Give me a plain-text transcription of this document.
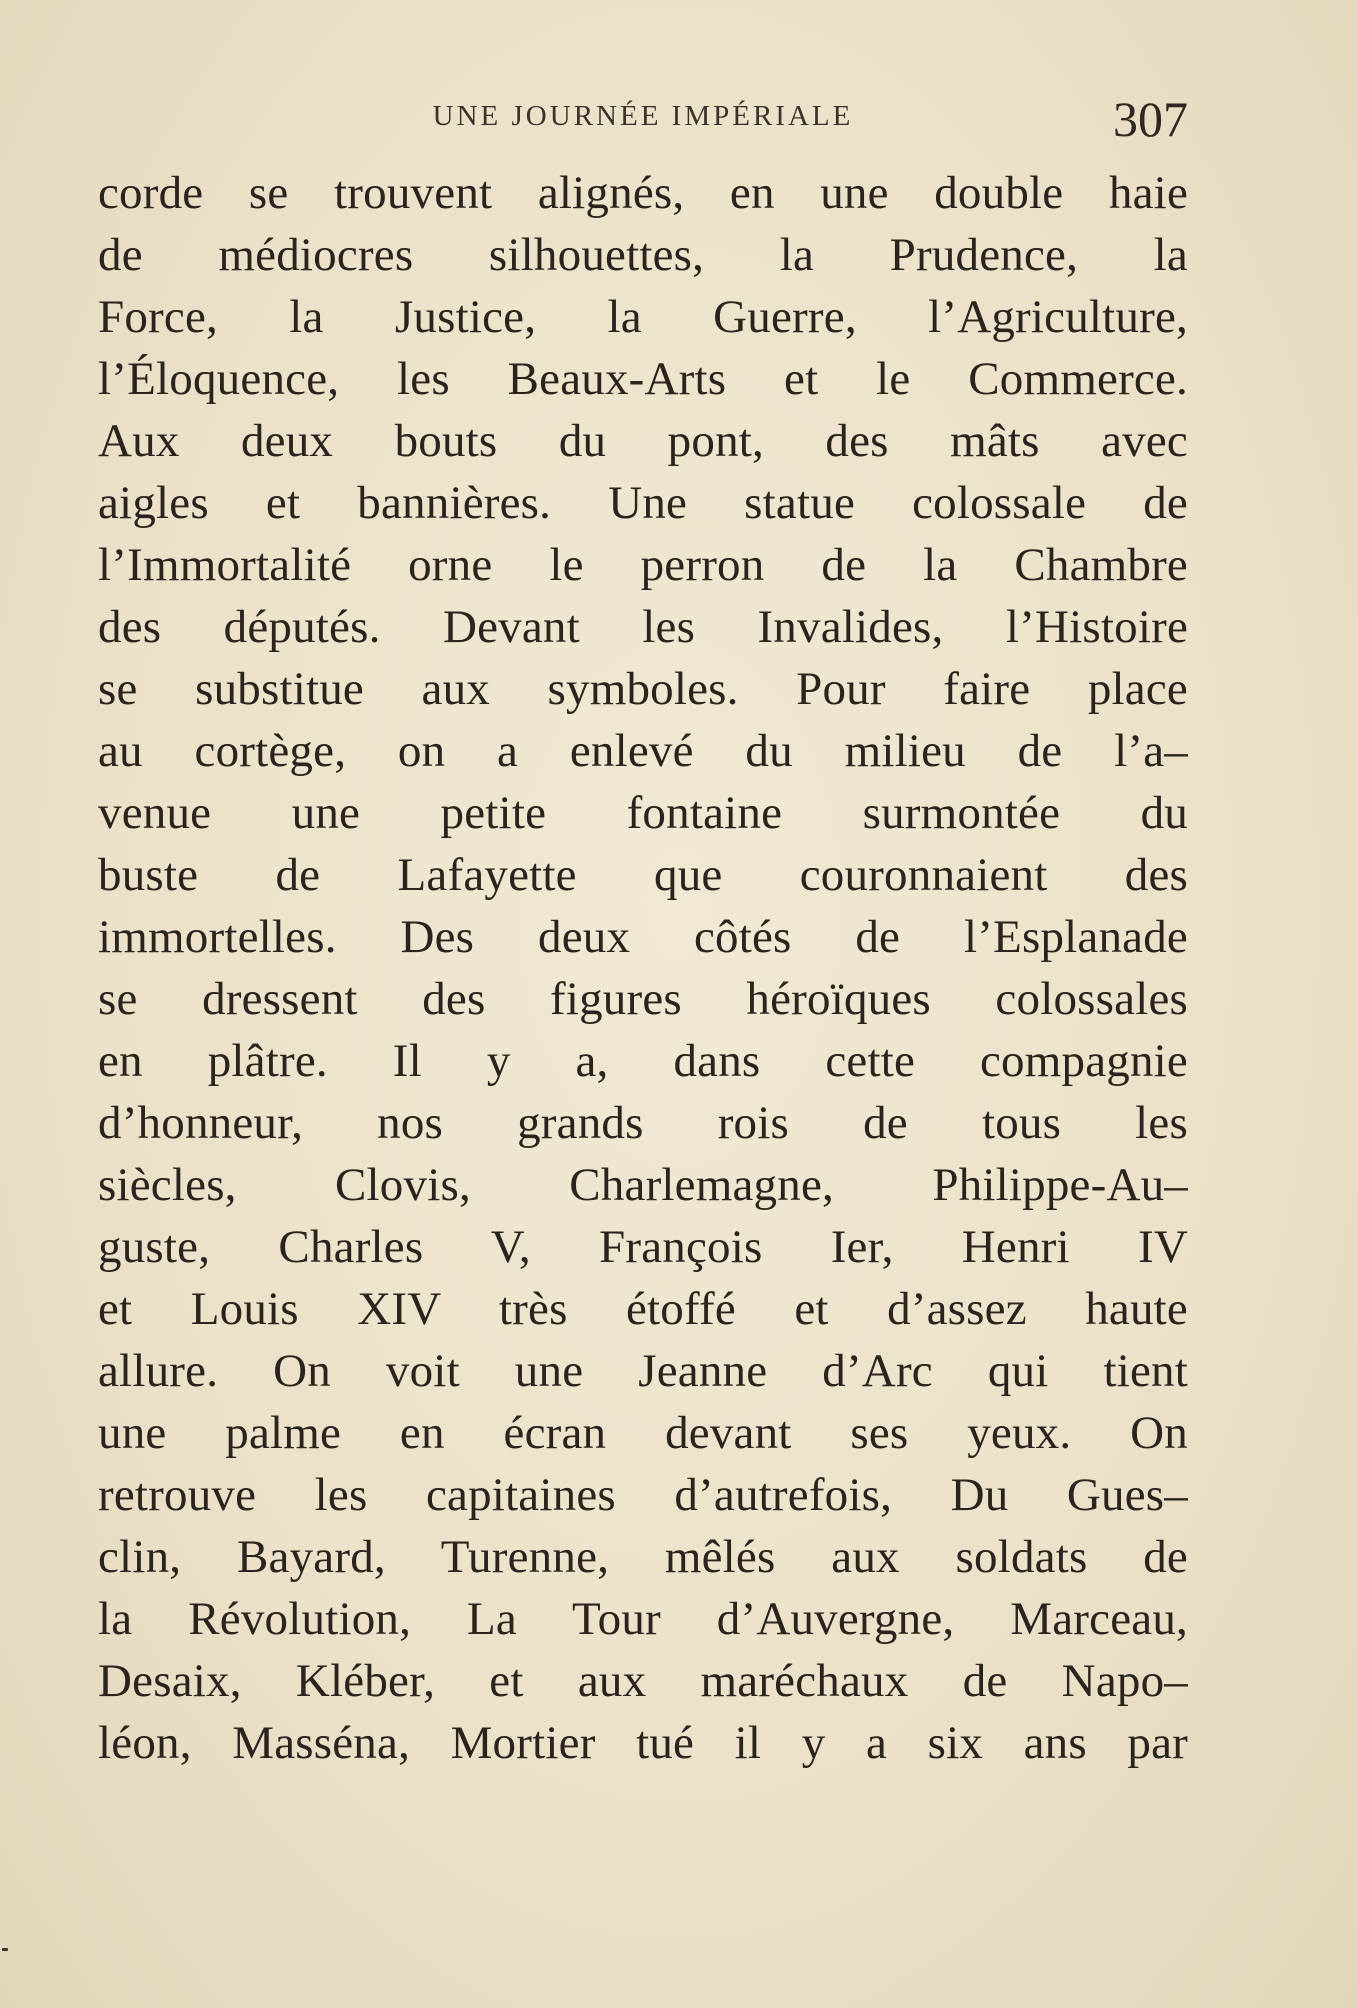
UNE JOURNÉE IMPÉRIALE	307
corde se trouvent alignés, en une double haie
de médiocres silhouettes, la Prudence, la
Force, la Justice, la Guerre, l’Agriculture,
l’Éloquence, les Beaux-Arts et le Commerce.
Aux deux bouts du pont, des mâts avec
aigles et bannières. Une statue colossale de
l’Immortalité orne le perron de la Chambre
des députés. Devant les Invalides, l’Histoire
se substitue aux symboles. Pour faire place
au cortège, on a enlevé du milieu de l’a–
venue une petite fontaine surmontée du
buste de Lafayette que couronnaient des
immortelles. Des deux côtés de l’Esplanade
se dressent des figures héroïques colossales
en plâtre. Il y a, dans cette compagnie
d’honneur, nos grands rois de tous les
siècles, Clovis, Charlemagne, Philippe-Au–
guste, Charles V, François Ier, Henri IV
et Louis XIV très étoffé et d’assez haute
allure. On voit une Jeanne d’Arc qui tient
une palme en écran devant ses yeux. On
retrouve les capitaines d’autrefois, Du Gues–
clin, Bayard, Turenne, mêlés aux soldats de
la Révolution, La Tour d’Auvergne, Marceau,
Desaix, Kléber, et aux maréchaux de Napo–
léon, Masséna, Mortier tué il y a six ans par
